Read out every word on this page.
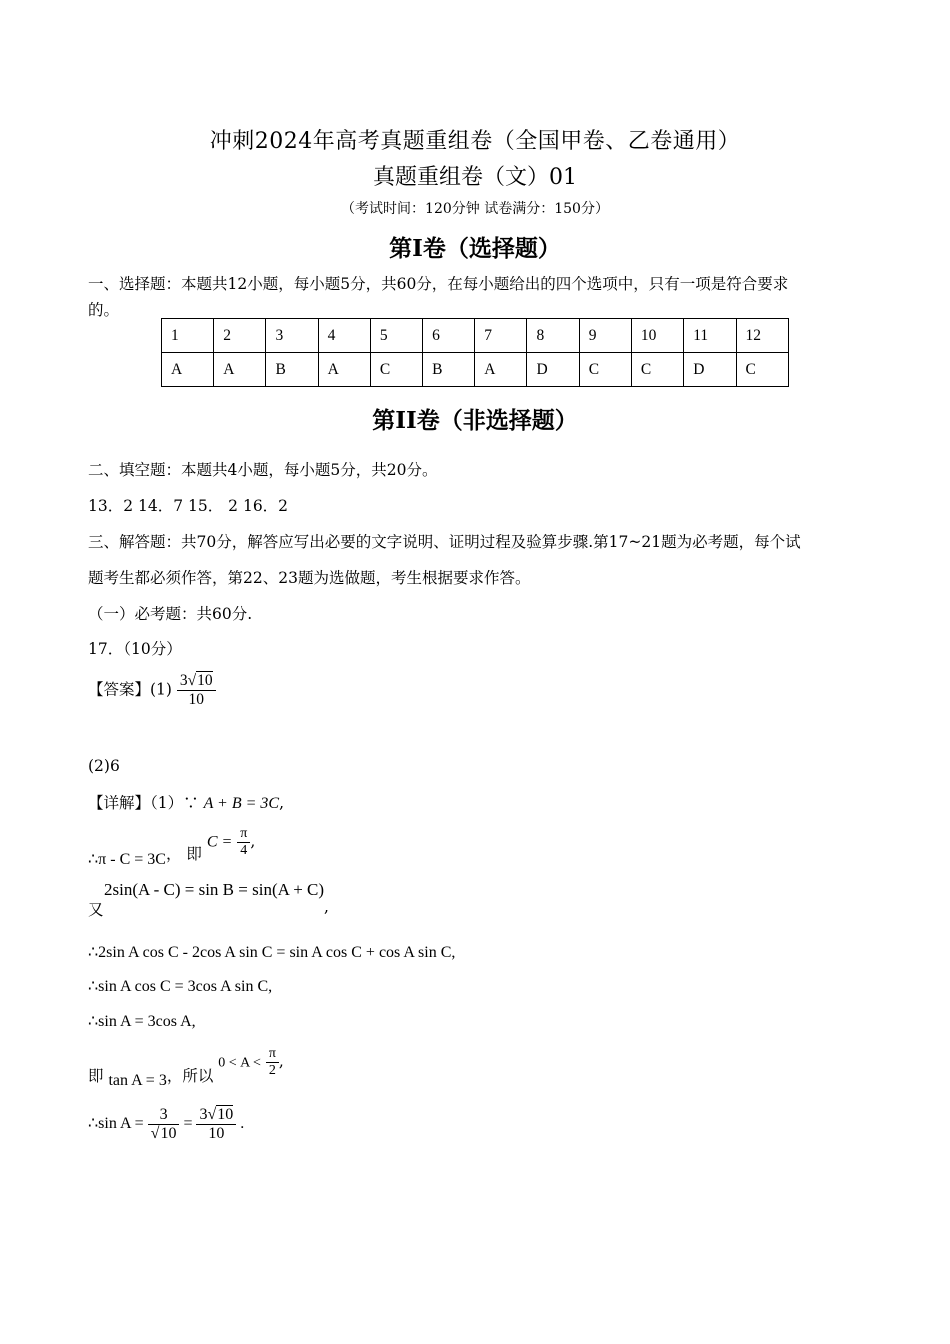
冲刺2024年高考真题重组卷（全国甲卷、乙卷通用）
真题重组卷（文）01
（考试时间：120分钟 试卷满分：150分）
第I卷（选择题）
一、选择题：本题共12小题，每小题5分，共60分，在每小题给出的四个选项中，只有一项是符合要求
的。
1	2	3	4	5	6	7	8	9	10	11	12
A	A	B	A	C	B	A	D	C	C	D	C
第II卷（非选择题）
二、填空题：本题共4小题，每小题5分，共20分。
13．2 14．7 15． 2 16．2
三、解答题：共70分，解答应写出必要的文字说明、证明过程及验算步骤.第17~21题为必考题，每个试
题考生都必须作答，第22、23题为选做题，考生根据要求作答。
（一）必考题：共60分.
17．（10分）
【答案】$(1) \frac{3√10}{10}$
(2)6
【详解】（1）∵ A + B = 3C,
∴π - C = 3C， 即 $C = \frac{\pi}{4}$ ,
2sin(A - C) = sin B = sin(A + C)
又	,
∴2sin A cos C - 2cos A sin C = sin A cos C + cos A sin C,
∴sin A cos C = 3cos A sin C,
∴sin A = 3cos A,
即 tan A = 3，所以 $0 < A < \frac{\pi}{2}$ ,
∴sin $A = \frac{3}{√10} = \frac{3√10}{10}$ .
